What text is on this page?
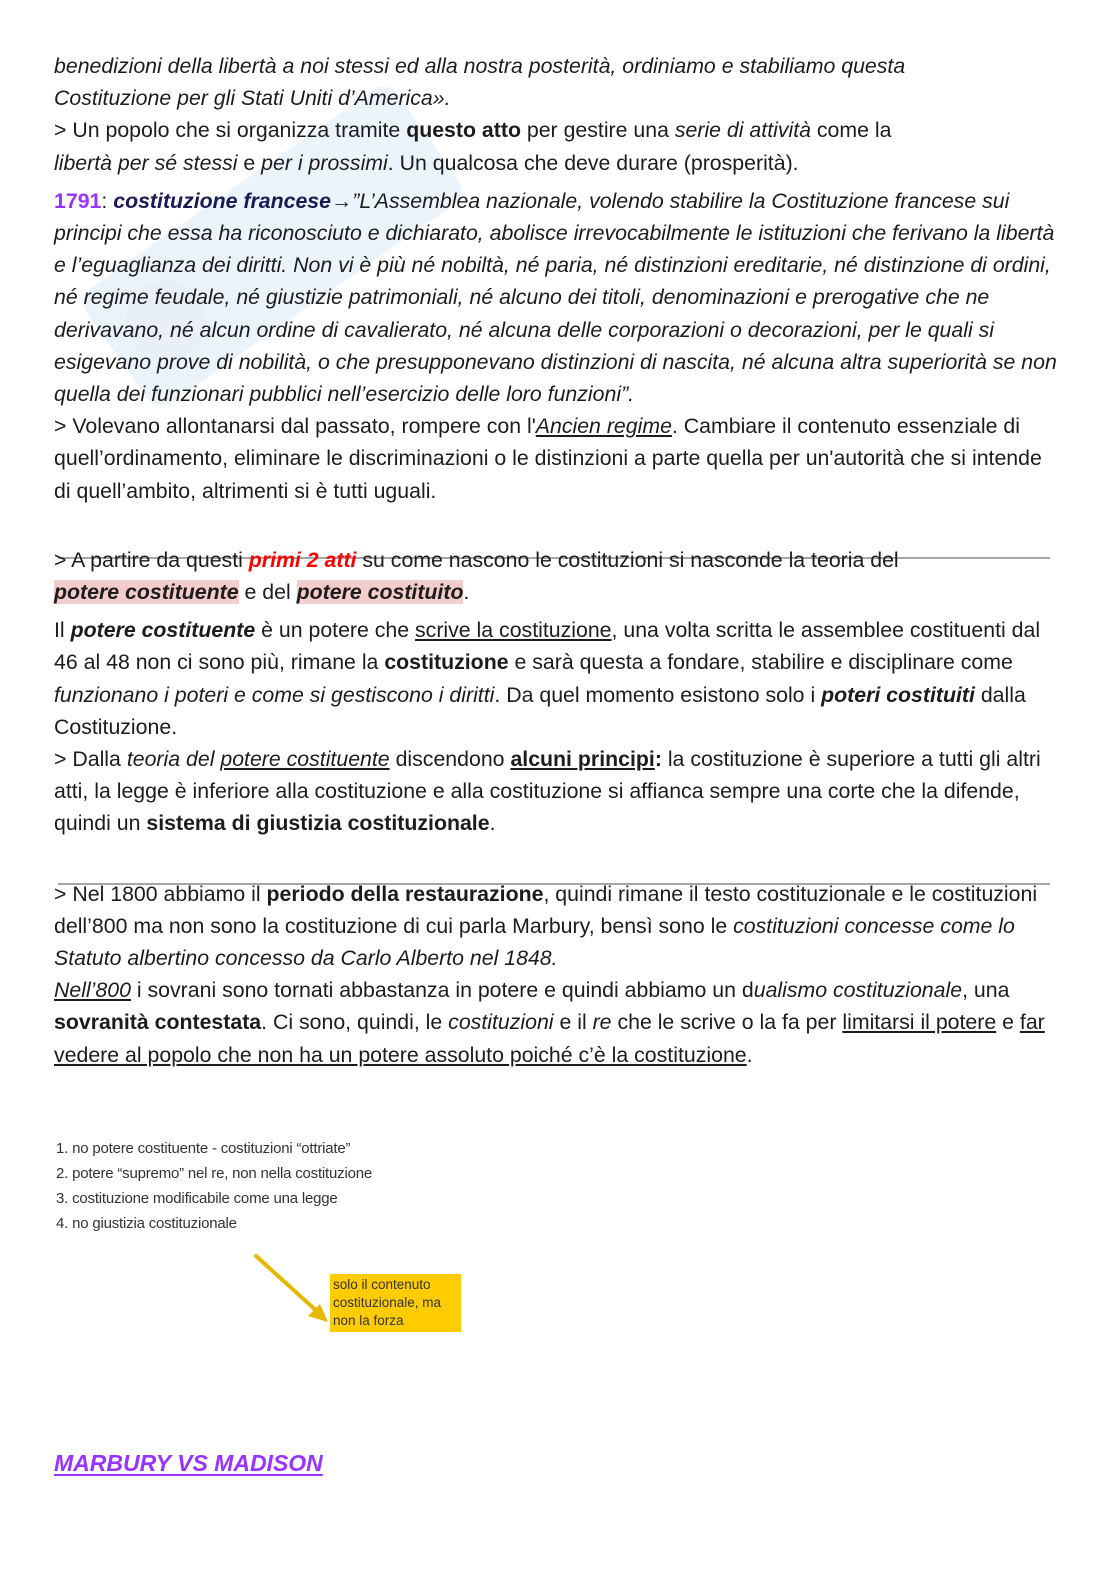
benedizioni della libertà a noi stessi ed alla nostra posterità, ordiniamo e stabiliamo questa
Costituzione per gli Stati Uniti d’America».

> Un popolo che si organizza tramite questo atto per gestire una serie di attività come la
libertà per sé stessi e per i prossimi. Un qualcosa che deve durare (prosperità).

1791: costituzione francese→”L’Assemblea nazionale, volendo stabilire la Costituzione francese sui principi che essa ha riconosciuto e dichiarato, abolisce irrevocabilmente le istituzioni che ferivano la libertà e l’eguaglianza dei diritti. Non vi è più né nobiltà, né paria, né distinzioni ereditarie, né distinzione di ordini, né regime feudale, né giustizie patrimoniali, né alcuno dei titoli, denominazioni e prerogative che ne derivavano, né alcun ordine di cavalierato, né alcuna delle corporazioni o decorazioni, per le quali si esigevano prove di nobilità, o che presupponevano distinzioni di nascita, né alcuna altra superiorità se non quella dei funzionari pubblici nell’esercizio delle loro funzioni”.

> Volevano allontanarsi dal passato, rompere con l'Ancien regime. Cambiare il contenuto essenziale di quell’ordinamento, eliminare le discriminazioni o le distinzioni a parte quella per un'autorità che si intende di quell’ambito, altrimenti si è tutti uguali.

> A partire da questi primi 2 atti su come nascono le costituzioni si nasconde la teoria del
potere costituente e del potere costituito.

Il potere costituente è un potere che scrive la costituzione, una volta scritta le assemblee costituenti dal 46 al 48 non ci sono più, rimane la costituzione e sarà questa a fondare, stabilire e disciplinare come funzionano i poteri e come si gestiscono i diritti. Da quel momento esistono solo i poteri costituiti dalla Costituzione.

> Dalla teoria del potere costituente discendono alcuni principi: la costituzione è superiore a tutti gli altri atti, la legge è inferiore alla costituzione e alla costituzione si affianca sempre una corte che la difende, quindi un sistema di giustizia costituzionale.

> Nel 1800 abbiamo il periodo della restaurazione, quindi rimane il testo costituzionale e le costituzioni dell’800 ma non sono la costituzione di cui parla Marbury, bensì sono le costituzioni concesse come lo Statuto albertino concesso da Carlo Alberto nel 1848.
Nell’800 i sovrani sono tornati abbastanza in potere e quindi abbiamo un dualismo costituzionale, una sovranità contestata. Ci sono, quindi, le costituzioni e il re che le scrive o la fa per limitarsi il potere e far vedere al popolo che non ha un potere assoluto poiché c’è la costituzione.

1. no potere costituente - costituzioni “ottriate”
2. potere “supremo” nel re, non nella costituzione
3. costituzione modificabile come una legge
4. no giustizia costituzionale
solo il contenuto
costituzionale, ma
non la forza
MARBURY VS MADISON
